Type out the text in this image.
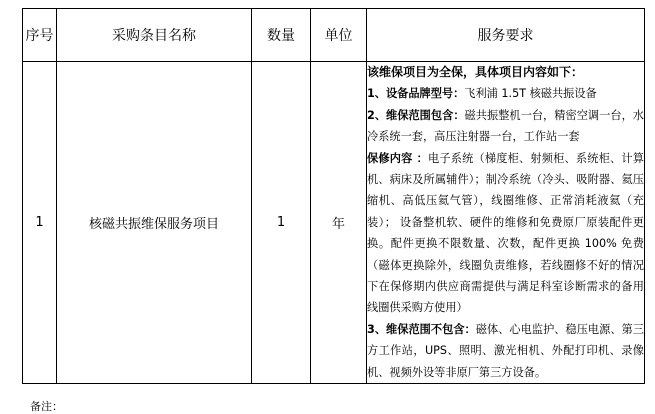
序号	采购条目名称	数量	单位	服务要求
1	核磁共振维保服务项目	1	年	该维保项目为全保，具体项目内容如下：
1、设备品牌型号：飞利浦 1.5T 核磁共振设备
2、维保范围包含：磁共振整机一台，精密空调一台，水冷系统一套，高压注射器一台，工作站一套
保修内容 ：电子系统（梯度柜、射频柜、系统柜、计算机、病床及所属辅件）；制冷系统（冷头、吸附器、氦压缩机、高低压氦气管），线圈维修、正常消耗液氦（充装）； 设备整机软、硬件的维修和免费原厂原装配件更换。配件更换不限数量、次数，配件更换 100% 免费（磁体更换除外，线圈负责维修，若线圈修不好的情况下在保修期内供应商需提供与满足科室诊断需求的备用线圈供采购方使用）
3、维保范围不包含：磁体、心电监护、稳压电源、第三方工作站，UPS、照明、激光相机、外配打印机、录像机、视频外设等非原厂第三方设备。
备注：
